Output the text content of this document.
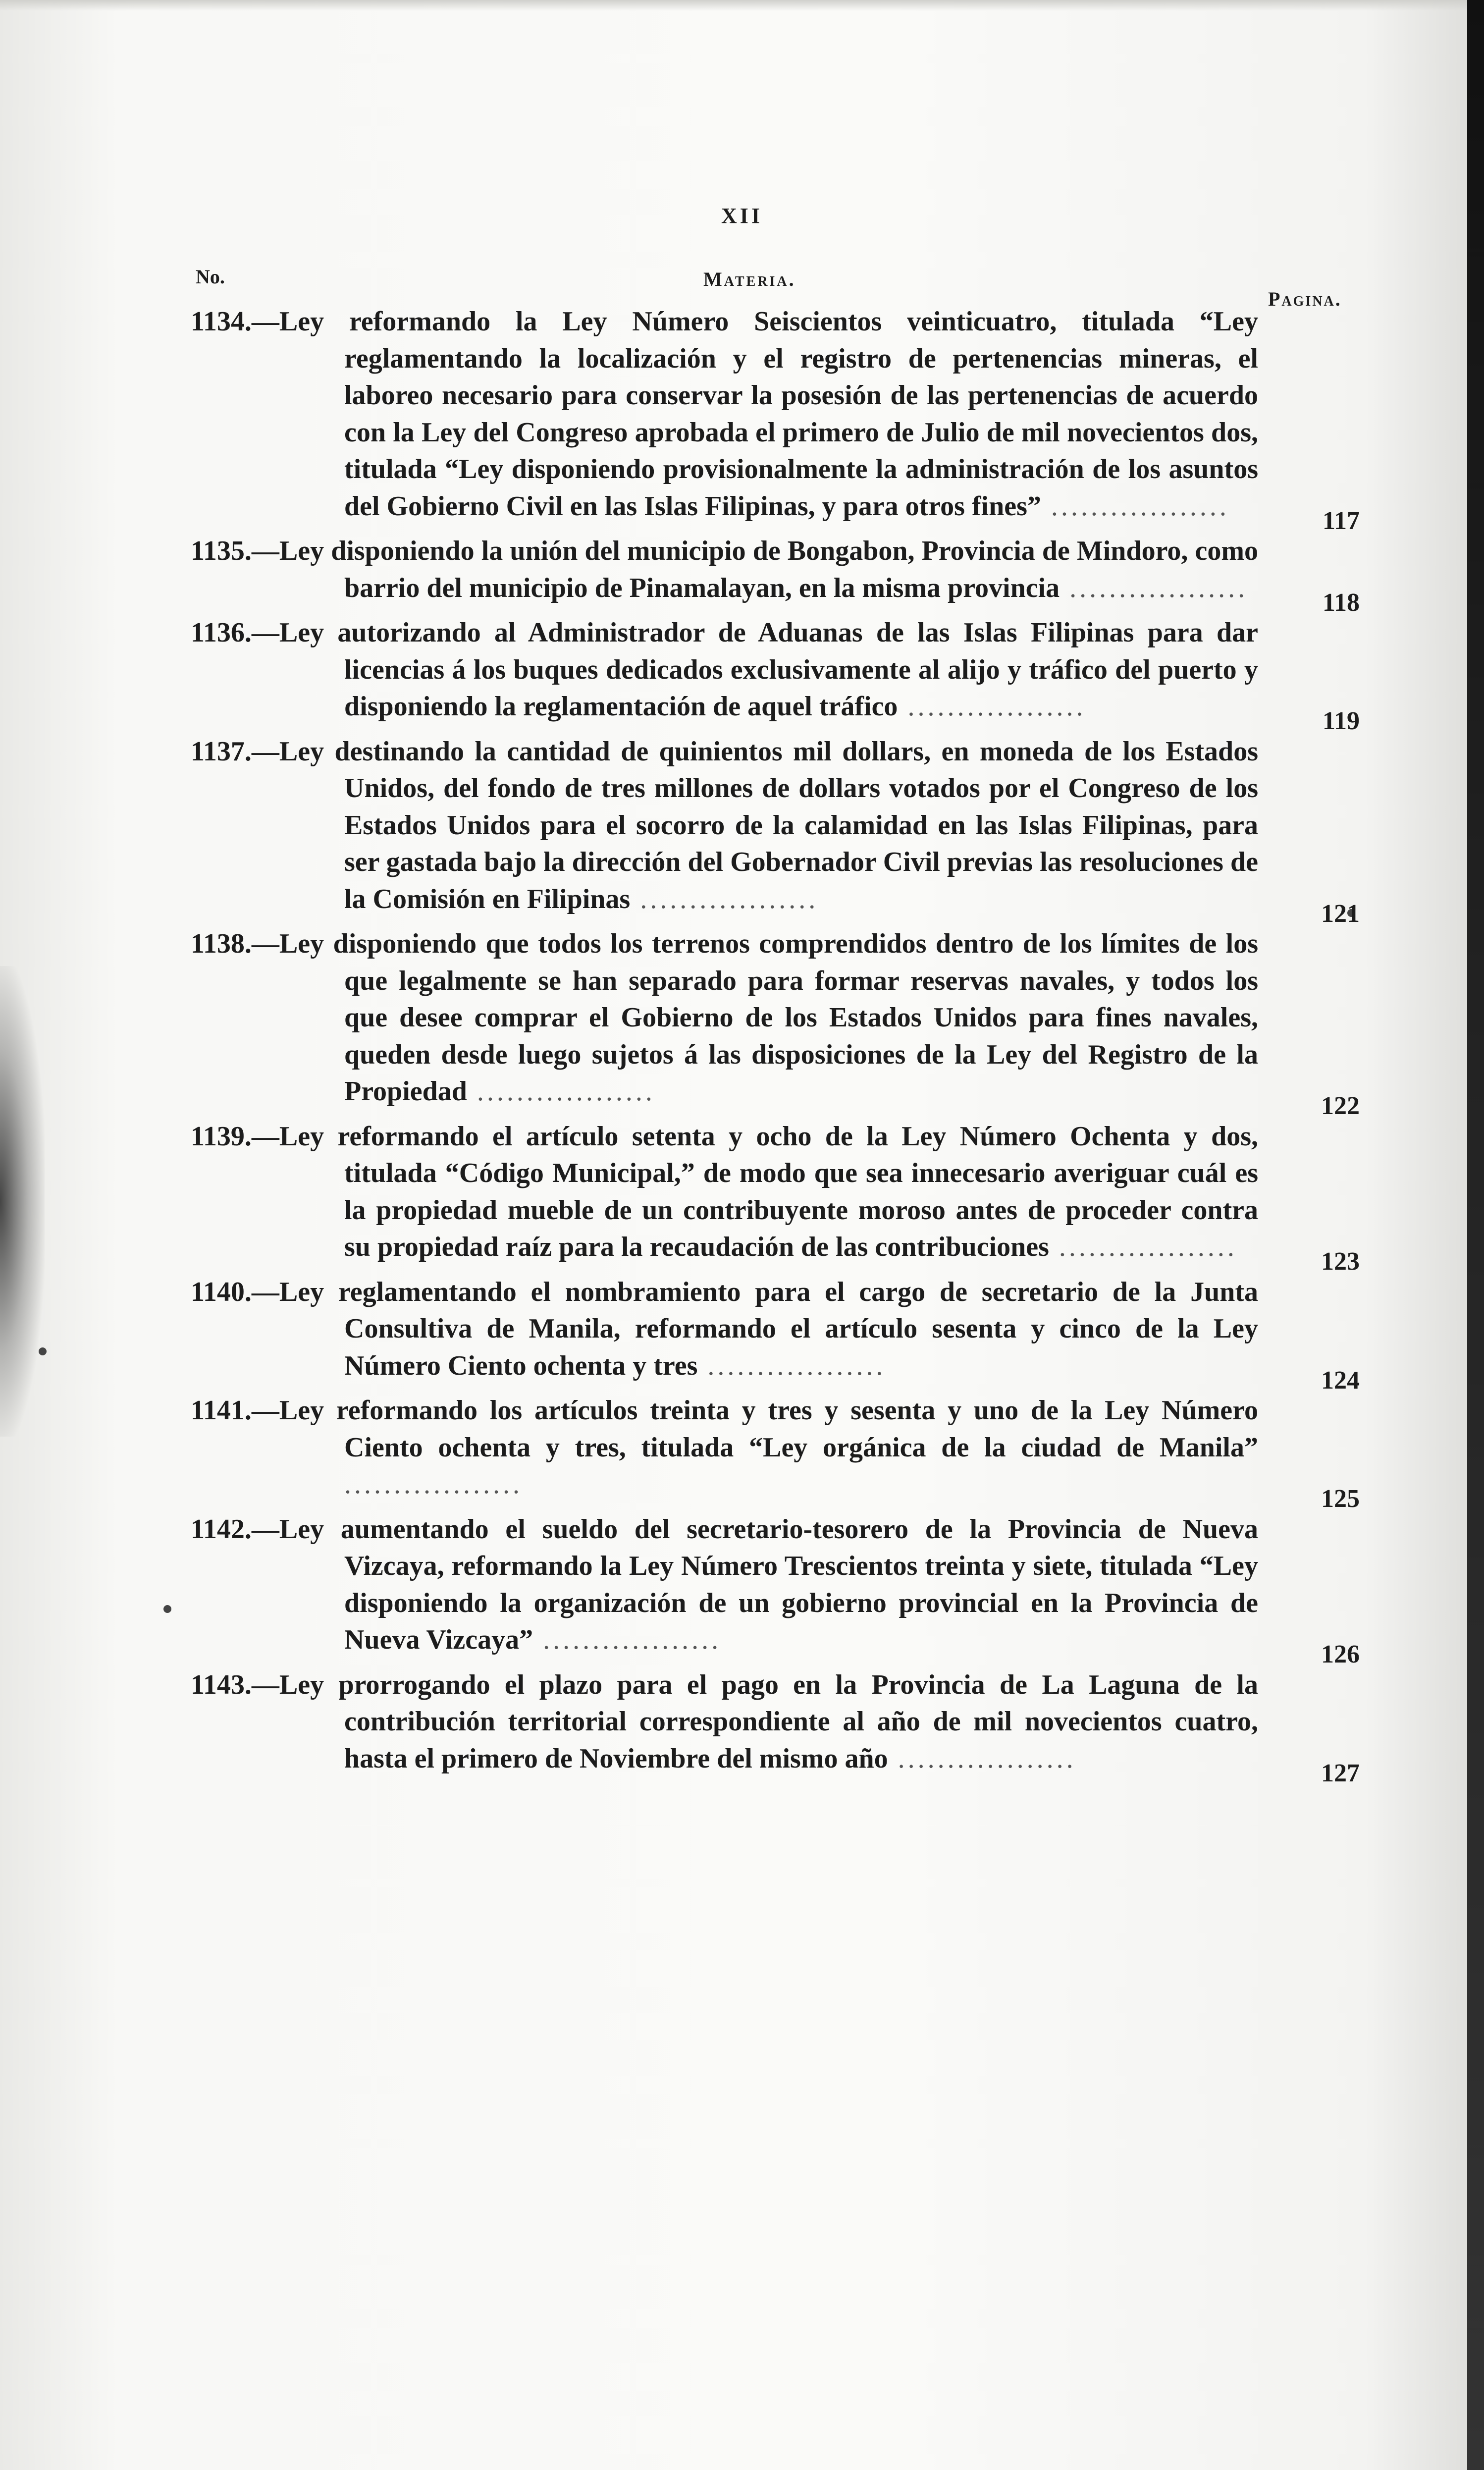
XII
No.	Materia.
Pagina.
1134.—Ley reformando la Ley Número Seiscientos veinticuatro, titulada “Ley reglamentando la localización y el registro de pertenencias mineras, el laboreo necesario para conservar la posesión de las pertenencias de acuerdo con la Ley del Congreso aprobada el primero de Julio de mil novecientos dos, titulada “Ley disponiendo provisionalmente la administración de los asuntos del Gobierno Civil en las Islas Filipinas, y para otros fines” ..................	117
1135.—Ley disponiendo la unión del municipio de Bongabon, Provincia de Mindoro, como barrio del municipio de Pinamalayan, en la misma provincia ..................	118
1136.—Ley autorizando al Administrador de Aduanas de las Islas Filipinas para dar licencias á los buques dedicados exclusivamente al alijo y tráfico del puerto y disponiendo la reglamentación de aquel tráfico ..................	119
1137.—Ley destinando la cantidad de quinientos mil dollars, en moneda de los Estados Unidos, del fondo de tres millones de dollars votados por el Congreso de los Estados Unidos para el socorro de la calamidad en las Islas Filipinas, para ser gastada bajo la dirección del Gobernador Civil previas las resoluciones de la Comisión en Filipinas ..................	121
1138.—Ley disponiendo que todos los terrenos comprendidos dentro de los límites de los que legalmente se han separado para formar reservas navales, y todos los que desee comprar el Gobierno de los Estados Unidos para fines navales, queden desde luego sujetos á las disposiciones de la Ley del Registro de la Propiedad ..................	122
1139.—Ley reformando el artículo setenta y ocho de la Ley Número Ochenta y dos, titulada “Código Municipal,” de modo que sea innecesario averiguar cuál es la propiedad mueble de un contribuyente moroso antes de proceder contra su propiedad raíz para la recaudación de las contribuciones ..................	123
1140.—Ley reglamentando el nombramiento para el cargo de secretario de la Junta Consultiva de Manila, reformando el artículo sesenta y cinco de la Ley Número Ciento ochenta y tres ..................	124
1141.—Ley reformando los artículos treinta y tres y sesenta y uno de la Ley Número Ciento ochenta y tres, titulada “Ley orgánica de la ciudad de Manila” ..................	125
1142.—Ley aumentando el sueldo del secretario-tesorero de la Provincia de Nueva Vizcaya, reformando la Ley Número Trescientos treinta y siete, titulada “Ley disponiendo la organización de un gobierno provincial en la Provincia de Nueva Vizcaya” ..................	126
1143.—Ley prorrogando el plazo para el pago en la Provincia de La Laguna de la contribución territorial correspondiente al año de mil novecientos cuatro, hasta el primero de Noviembre del mismo año ..................	127
